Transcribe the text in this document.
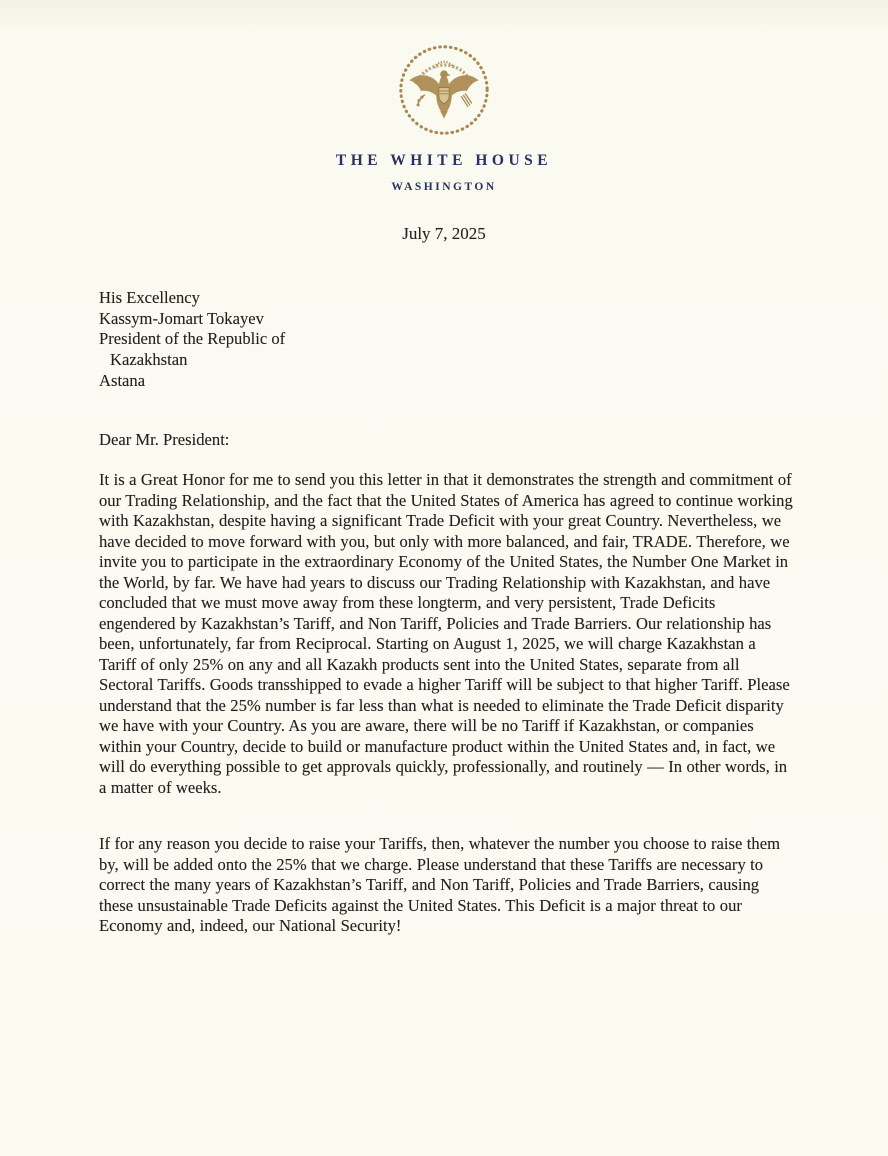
THE WHITE HOUSE
WASHINGTON
July 7, 2025
His Excellency
Kassym-Jomart Tokayev
President of the Republic of
Kazakhstan
Astana
Dear Mr. President:
It is a Great Honor for me to send you this letter in that it demonstrates the strength and commitment of our Trading Relationship, and the fact that the United States of America has agreed to continue working with Kazakhstan, despite having a significant Trade Deficit with your great Country. Nevertheless, we have decided to move forward with you, but only with more balanced, and fair, TRADE. Therefore, we invite you to participate in the extraordinary Economy of the United States, the Number One Market in the World, by far. We have had years to discuss our Trading Relationship with Kazakhstan, and have concluded that we must move away from these longterm, and very persistent, Trade Deficits engendered by Kazakhstan’s Tariff, and Non Tariff, Policies and Trade Barriers. Our relationship has been, unfortunately, far from Reciprocal. Starting on August 1, 2025, we will charge Kazakhstan a Tariff of only 25% on any and all Kazakh products sent into the United States, separate from all Sectoral Tariffs. Goods transshipped to evade a higher Tariff will be subject to that higher Tariff. Please understand that the 25% number is far less than what is needed to eliminate the Trade Deficit disparity we have with your Country. As you are aware, there will be no Tariff if Kazakhstan, or companies within your Country, decide to build or manufacture product within the United States and, in fact, we will do everything possible to get approvals quickly, professionally, and routinely — In other words, in a matter of weeks.
If for any reason you decide to raise your Tariffs, then, whatever the number you choose to raise them by, will be added onto the 25% that we charge. Please understand that these Tariffs are necessary to correct the many years of Kazakhstan’s Tariff, and Non Tariff, Policies and Trade Barriers, causing these unsustainable Trade Deficits against the United States. This Deficit is a major threat to our Economy and, indeed, our National Security!
